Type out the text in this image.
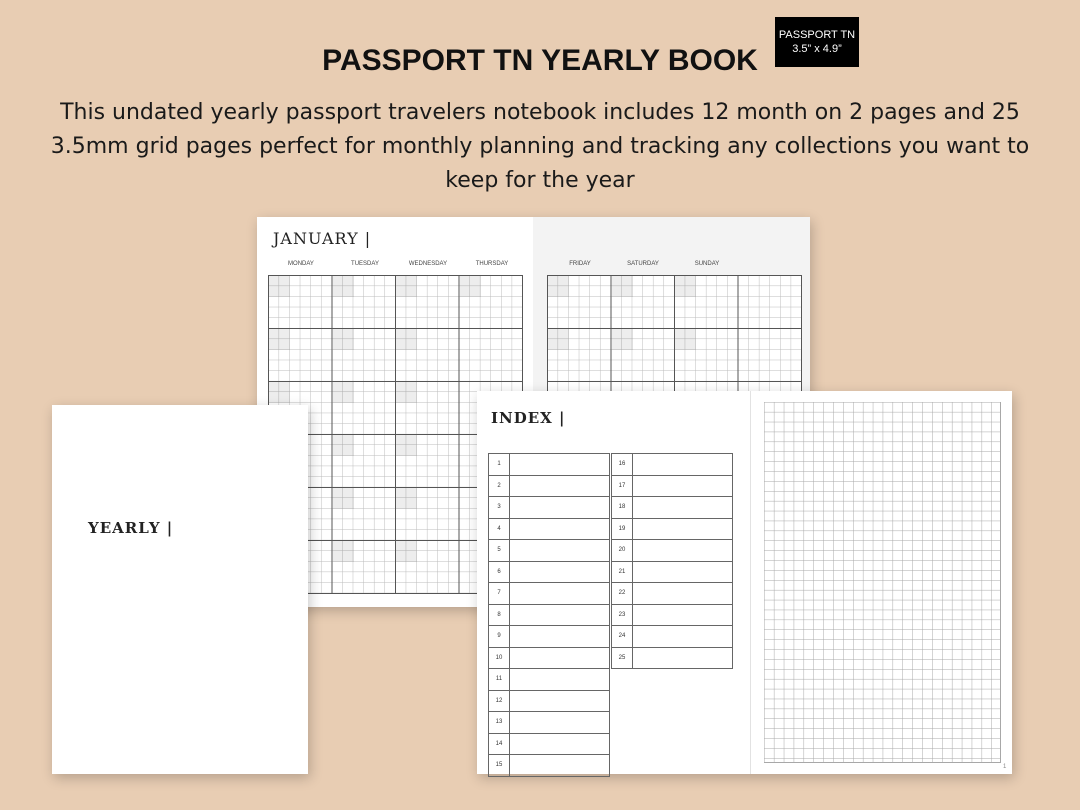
PASSPORT TN
3.5” x 4.9”
PASSPORT TN YEARLY BOOK
This undated yearly passport travelers notebook includes 12 month on 2 pages and 25 3.5mm grid pages perfect for monthly planning and tracking any collections you want to keep for the year
JANUARY |
MONDAY	TUESDAY	WEDNESDAY	THURSDAY	FRIDAY	SATURDAY	SUNDAY
YEARLY |
INDEX |
1
2
3
4
5
6
7
8
9
10
11
12
13
14
15
16
17
18
19
20
21
22
23
24
25
1
